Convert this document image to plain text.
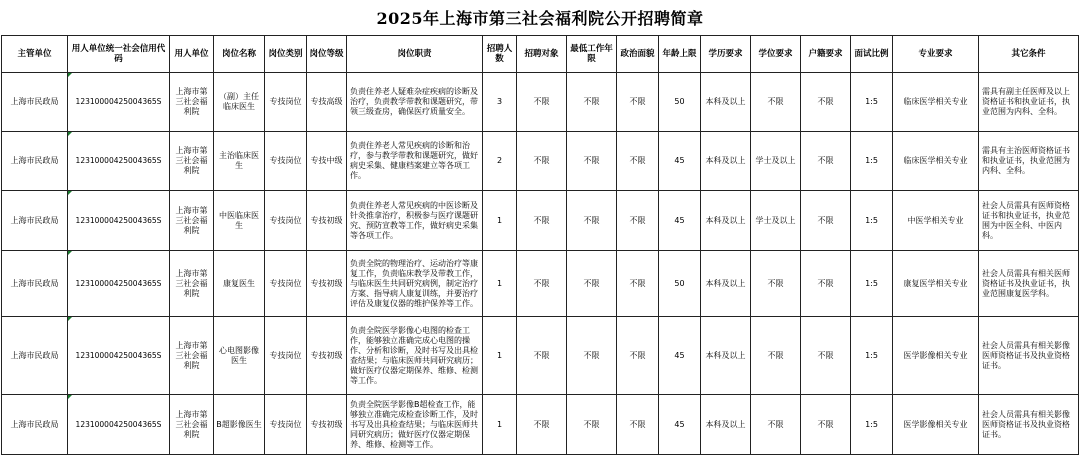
2025年上海市第三社会福利院公开招聘简章
主管单位	用人单位统一社会信用代码	用人单位	岗位名称	岗位类别	岗位等级	岗位职责	招聘人数	招聘对象	最低工作年限	政治面貌	年龄上限	学历要求	学位要求	户籍要求	面试比例	专业要求	其它条件
上海市民政局	12310000425004365S	上海市第三社会福利院	（副）主任临床医生	专技岗位	专技高级	负责住养老人疑难杂症疾病的诊断及治疗，负责教学带教和课题研究，带领三级查房，确保医疗质量安全。	3	不限	不限	不限	50	本科及以上	不限	不限	1:5	临床医学相关专业	需具有副主任医师及以上资格证书和执业证书，执业范围为内科、全科。
上海市民政局	12310000425004365S	上海市第三社会福利院	主治临床医生	专技岗位	专技中级	负责住养老人常见疾病的诊断和治疗，参与教学带教和课题研究，做好病史采集、健康档案建立等各项工作。	2	不限	不限	不限	45	本科及以上	学士及以上	不限	1:5	临床医学相关专业	需具有主治医师资格证书和执业证书，执业范围为内科、全科。
上海市民政局	12310000425004365S	上海市第三社会福利院	中医临床医生	专技岗位	专技初级	负责住养老人常见疾病的中医诊断及针灸推拿治疗，积极参与医疗课题研究、预防宣教等工作，做好病史采集等各项工作。	1	不限	不限	不限	45	本科及以上	学士及以上	不限	1:5	中医学相关专业	社会人员需具有医师资格证书和执业证书，执业范围为中医全科、中医内科。
上海市民政局	12310000425004365S	上海市第三社会福利院	康复医生	专技岗位	专技初级	负责全院的物理治疗、运动治疗等康复工作，负责临床教学及带教工作，与临床医生共同研究病例，制定治疗方案、指导病人康复训练，并要治疗评估及康复仪器的维护保养等工作。	1	不限	不限	不限	50	本科及以上	不限	不限	1:5	康复医学相关专业	社会人员需具有相关医师资格证书及执业证书，执业范围康复医学科。
上海市民政局	12310000425004365S	上海市第三社会福利院	心电图影像医生	专技岗位	专技初级	负责全院医学影像心电图的检查工作，能够独立准确完成心电图的操作、分析和诊断，及时书写及出具检查结果；与临床医师共同研究病历；做好医疗仪器定期保养、维修、检测等工作。	1	不限	不限	不限	45	本科及以上	不限	不限	1:5	医学影像相关专业	社会人员需具有相关影像医师资格证书及执业资格证书。
上海市民政局	12310000425004365S	上海市第三社会福利院	B超影像医生	专技岗位	专技初级	负责全院医学影像B超检查工作，能够独立准确完成检查诊断工作，及时书写及出具检查结果；与临床医师共同研究病历；做好医疗仪器定期保养、维修、检测等工作。	1	不限	不限	不限	45	本科及以上	不限	不限	1:5	医学影像相关专业	社会人员需具有相关影像医师资格证书及执业资格证书。
